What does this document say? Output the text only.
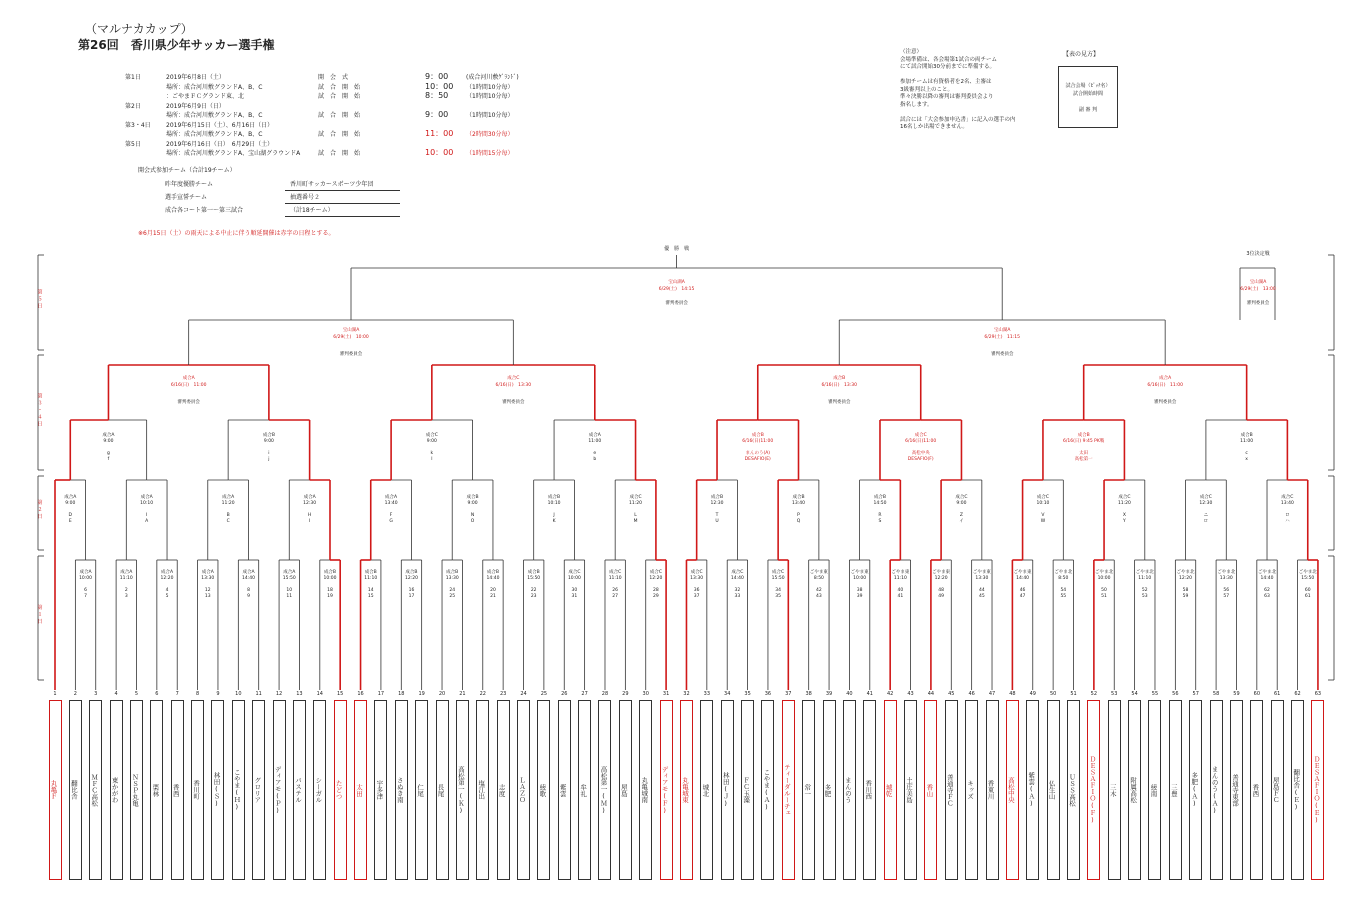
（マルナカカップ）
第26回　香川県少年サッカー選手権
第1日	2019年6月8日（土）	開　会　式	9：00	(成合河川敷ｸﾞﾗﾝﾄﾞ)
場所：成合河川敷グランドA、B、C	試　合　開　始	10：00 （1時間10分毎）
：ごやまＦＣグランド東、北	試　合　開　始	8：50	（1時間10分毎）
第2日	2019年6月9日（日）
場所：成合河川敷グランドA、B、C	試　合　開　始	9：00	（1時間10分毎）
第3・4日	2019年6月15日（土）、6月16日（日）
場所：成合河川敷グランドA、B、C	試　合　開　始	11：00 （2時間30分毎）
第5日	2019年6月16日（日）　6月29日（土）
場所：成合河川敷グランドA、宝山湖グラウンドA	試　合　開　始	10：00 （1時間15分毎）
開会式参加チーム（合計19チーム）
昨年度優勝チーム	香川町サッカースポーツ少年団
選手宣誓チーム	抽選番号２
成合各コート第一〜第三試合	（計18チーム）
※6月15日（土）の雨天による中止に伴う順延開催は赤字の日程とする。
（注意）
会場準備は、各会場第1試合の両チーム
にて試合開始30分前までに準備する。

参加チームは有資格者を2名、主審は
3級審判以上のこと。
準々決勝以降の審判は審判委員会より
指名します。

試合には「大会参加申込書」に記入の選手の内
16名しか出場できません。
【表の見方】
試合会場（ﾋﾟｯﾁ名）
試合開始時間

副 審 判
成合A
6/16(日)　11:00
審判委員会
成合C
6/16(日)　13:30
審判委員会
成合B
6/16(日)　13:30
審判委員会
成合A
6/16(日)　11:00
審判委員会
宝山湖A
6/29(土)　10:00
審判委員会
宝山湖A
6/29(土)　11:15
審判委員会
優　勝　戦
宝山湖A
6/29(土)　14:15
審判委員会
3位決定戦
宝山湖A
6/29(土)　13:00
審判委員会
第
５
日
第
３
・
４
日
第
２
日
第
１
日
1
丸亀Ｆ
2
翻比舎
3
ＭＦＣ高松
4
東かがわ
5
ＮＳＰ丸亀
6
栗林
7
香西
8
香川町
9
林田(Ｓ)
10
こやま(Ｈ)
11
グロリア
12
ディアモ(Ｐ)
13
パステル
14
シーガル
15
たどつ
16
太田
17
宇多津
18
さぬき南
19
仁尾
20
長尾
21
高松第一(Ｋ)
22
塩江出
23
志度
24
ＬＡＺＯ
25
綾歌
26
紫雲
27
牟礼
28
高松第一(Ｍ)
29
屋島
30
丸亀城南
31
ディアモ(Ｆ)
32
丸亀城東
33
城北
34
林田(Ｊ)
35
ＦＣ玉藻
36
こやま(Ａ)
37
ティーダルーチェ
38
常一
39
多肥
40
まんのう
41
香川西
42
城乾
43
土庄美島
44
香山
45
善通寺ＦＣ
46
キッズ
47
香東川
48
高松中央
49
紫雲(Ａ)
50
仏生山
51
ＵＳＳ高松
52
ＤＥＳＡＦＩＯ(Ｆ)
53
三木
54
附属高松
55
綾南
56
三豊
57
多肥(Ａ)
58
まんのう(Ａ)
59
善通寺東部
60
香西
61
屋島ＦＣ
62
翻比舎(Ｅ)
63
ＤＥＳＡＦＩＯ(Ｅ)
成合A
10:00
6
7
成合A
11:10
2
3
成合A
12:20
4
5
成合A
13:30
12
13
成合A
14:40
8
9
成合A
15:50
10
11
成合B
10:00
18
19
成合B
11:10
14
15
成合B
12:20
16
17
成合B
13:30
24
25
成合B
14:40
20
21
成合B
15:50
22
23
成合C
10:00
30
31
成合C
11:10
26
27
成合C
12:20
28
29
成合C
13:30
36
37
成合C
14:40
32
33
成合C
15:50
34
35
ごやま東
8:50
42
43
ごやま東
10:00
38
39
ごやま東
11:10
40
41
ごやま東
12:20
48
49
ごやま東
13:30
44
45
ごやま東
14:40
46
47
ごやま北
8:50
54
55
ごやま北
10:00
50
51
ごやま北
11:10
52
53
ごやま北
12:20
58
59
ごやま北
13:30
56
57
ごやま北
14:40
62
63
ごやま北
15:50
60
61
成合A
9:00

D
E
成合A
10:10

I
A
成合A
11:20

B
C
成合A
12:30

H
I
成合A
13:40

F
G
成合B
9:00

N
O
成合B
10:10

J
K
成合C
11:20

L
M
成合B
12:30

T
U
成合B
13:40

P
Q
成合B
14:50

R
S
成合C
9:00

Z
イ
成合C
10:10

V
W
成合C
11:20

X
Y
成合C
12:30

ニ
ロ
成合C
13:40

ロ
ハ
成合A
9:00

g
f
成合B
9:00

i
j
成合C
9:00

k
l
成合A
11:00

e
b
成合B
6/16(日)11:00

まんのう(A)
DESAFIO(E)
成合C
6/16(日)11:00

高松中央
DESAFIO(F)
成合B
6/16(日) 9:45 PK戦

太田
高松第一
成合B
11:00

c
x
